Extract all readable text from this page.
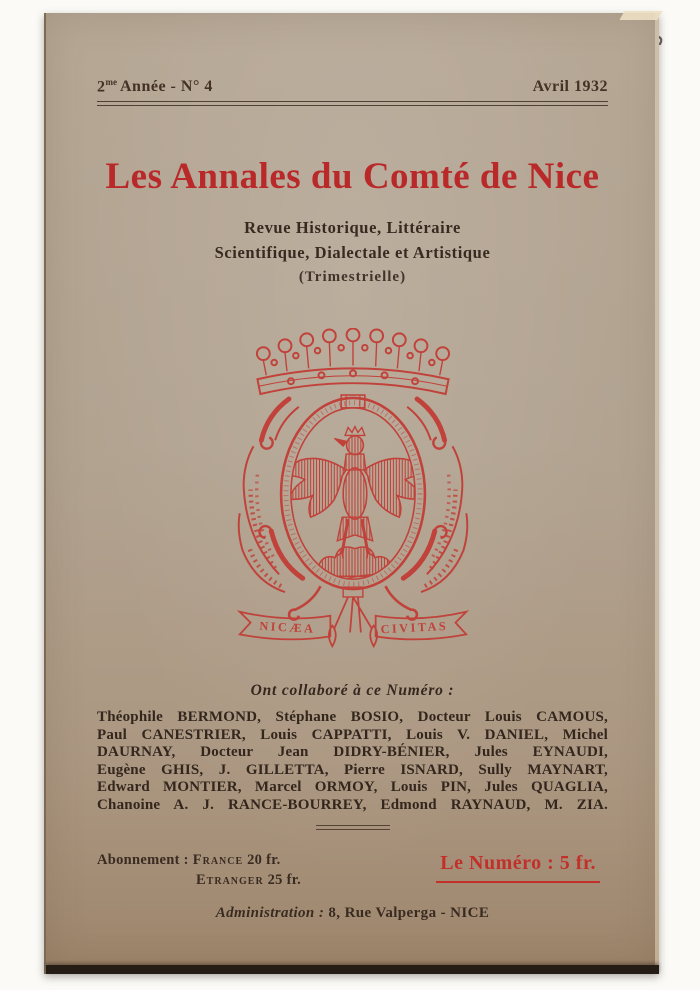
$2^{me}$ Année - N° 4	Avril 1932
Les Annales du Comté de Nice
Revue Historique, Littéraire
Scientifique, Dialectale et Artistique
(Trimestrielle)
NICÆA	CIVITAS
Ont collaboré à ce Numéro :
Théophile BERMOND, Stéphane BOSIO, Docteur Louis CAMOUS,
Paul CANESTRIER, Louis CAPPATTI, Louis V. DANIEL, Michel
DAURNAY, Docteur Jean DIDRY-BÉNIER, Jules EYNAUDI,
Eugène GHIS, J. GILLETTA, Pierre ISNARD, Sully MAYNART,
Edward MONTIER, Marcel ORMOY, Louis PIN, Jules QUAGLIA,
Chanoine A. J. RANCE-BOURREY, Edmond RAYNAUD, M. ZIA.
Abonnement : France 20 fr.
Etranger 25 fr.
Le Numéro : 5 fr.
Administration : 8, Rue Valperga - NICE
